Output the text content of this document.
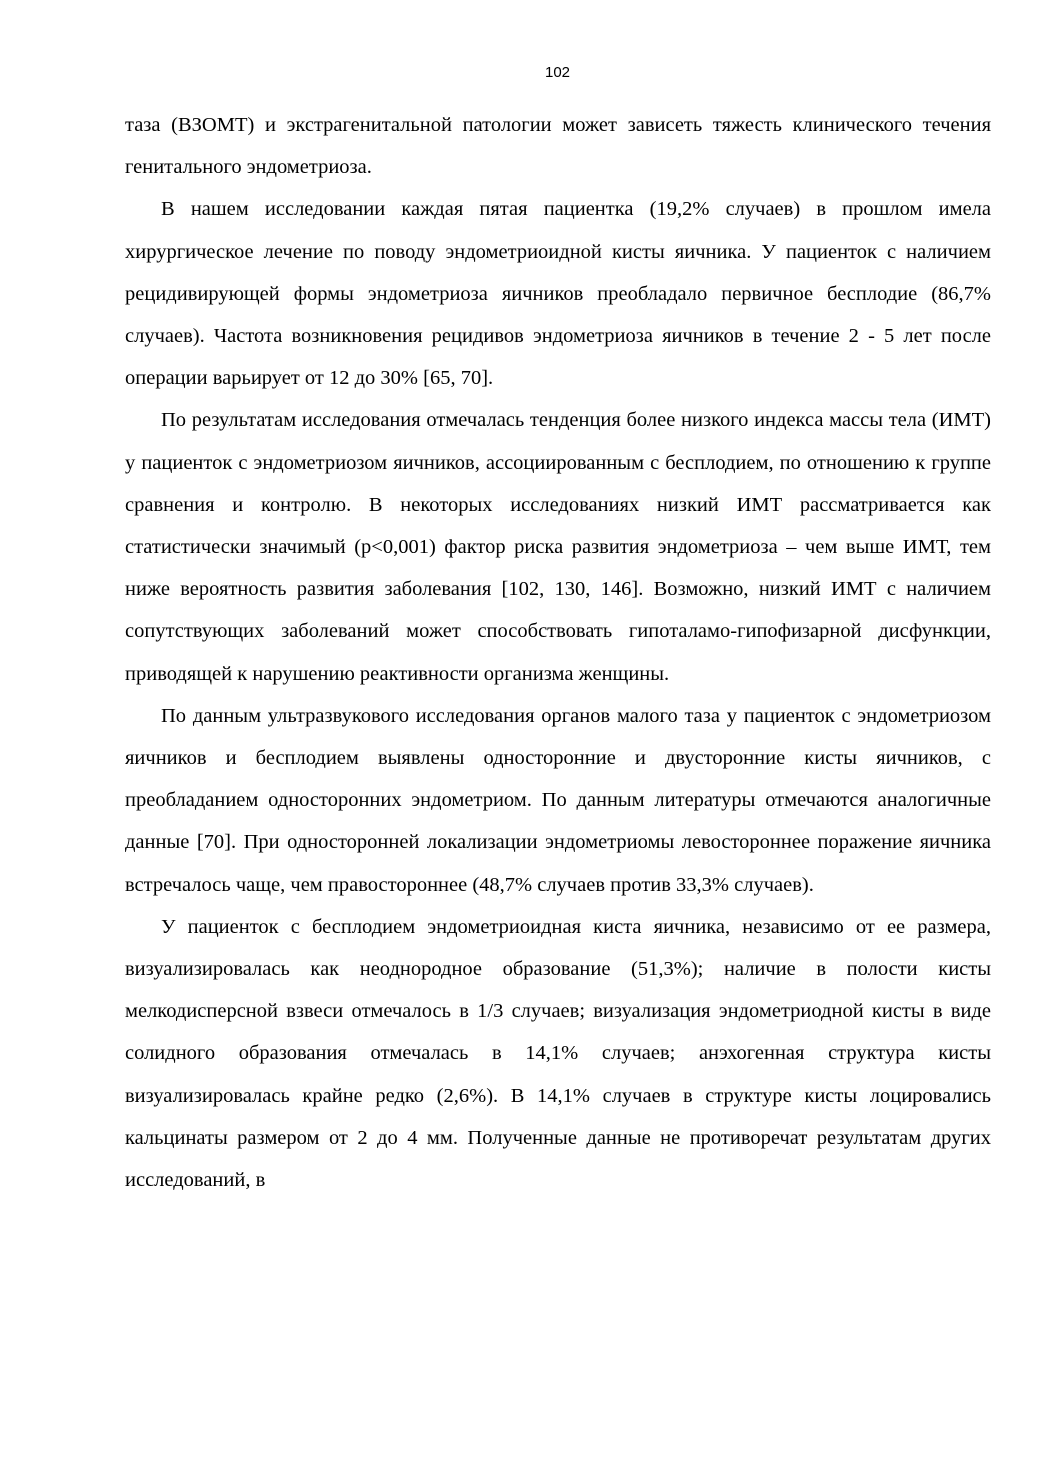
102

таза (ВЗОМТ) и экстрагенитальной патологии может зависеть тяжесть клинического течения генитального эндометриоза.

В нашем исследовании каждая пятая пациентка (19,2% случаев) в прошлом имела хирургическое лечение по поводу эндометриоидной кисты яичника. У пациенток с наличием рецидивирующей формы эндометриоза яичников преобладало первичное бесплодие (86,7% случаев). Частота возникновения рецидивов эндометриоза яичников в течение 2 - 5 лет после операции варьирует от 12 до 30% [65, 70].

По результатам исследования отмечалась тенденция более низкого индекса массы тела (ИМТ) у пациенток с эндометриозом яичников, ассоциированным с бесплодием, по отношению к группе сравнения и контролю. В некоторых исследованиях низкий ИМТ рассматривается как статистически значимый (p<0,001) фактор риска развития эндометриоза – чем выше ИМТ, тем ниже вероятность развития заболевания [102, 130, 146]. Возможно, низкий ИМТ с наличием сопутствующих заболеваний может способствовать гипоталамо-гипофизарной дисфункции, приводящей к нарушению реактивности организма женщины.

По данным ультразвукового исследования органов малого таза у пациенток с эндометриозом яичников и бесплодием выявлены односторонние и двусторонние кисты яичников, с преобладанием односторонних эндометриом. По данным литературы отмечаются аналогичные данные [70]. При односторонней локализации эндометриомы левостороннее поражение яичника встречалось чаще, чем правостороннее (48,7% случаев против 33,3% случаев).

У пациенток с бесплодием эндометриоидная киста яичника, независимо от ее размера, визуализировалась как неоднородное образование (51,3%); наличие в полости кисты мелкодисперсной взвеси отмечалось в 1/3 случаев; визуализация эндометриодной кисты в виде солидного образования отмечалась в 14,1% случаев; анэхогенная структура кисты визуализировалась крайне редко (2,6%). В 14,1% случаев в структуре кисты лоцировались кальцинаты размером от 2 до 4 мм. Полученные данные не противоречат результатам других исследований, в
